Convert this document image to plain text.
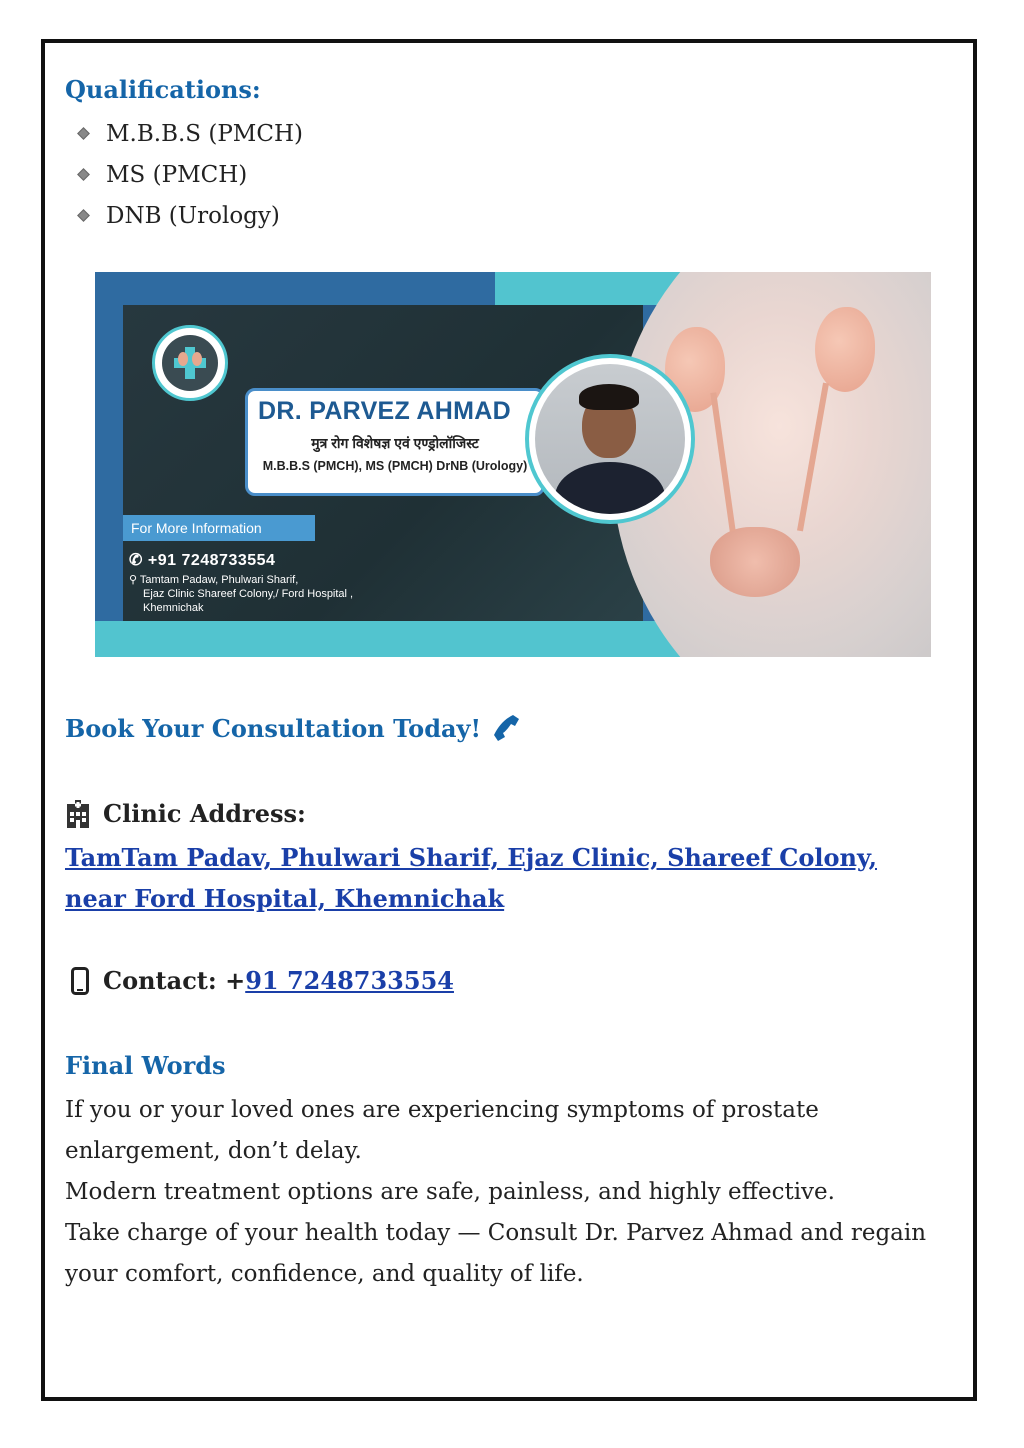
Qualifications:
M.B.B.S (PMCH)
MS (PMCH)
DNB (Urology)
DR. PARVEZ AHMAD
मुत्र रोग विशेषज्ञ एवं एण्ड्रोलॉजिस्ट
M.B.B.S (PMCH), MS (PMCH) DrNB (Urology)
For More Information
✆ +91 7248733554
⚲ Tamtam Padaw, Phulwari Sharif,
Ejaz Clinic Shareef Colony,/ Ford Hospital ,
Khemnichak
Book Your Consultation Today!
Clinic Address:
TamTam Padav, Phulwari Sharif, Ejaz Clinic, Shareef Colony, near Ford Hospital, Khemnichak
Contact: + 91 7248733554
Final Words

If you or your loved ones are experiencing symptoms of prostate enlargement, don’t delay.

Modern treatment options are safe, painless, and highly effective.

Take charge of your health today — Consult Dr. Parvez Ahmad and regain your comfort, confidence, and quality of life.
